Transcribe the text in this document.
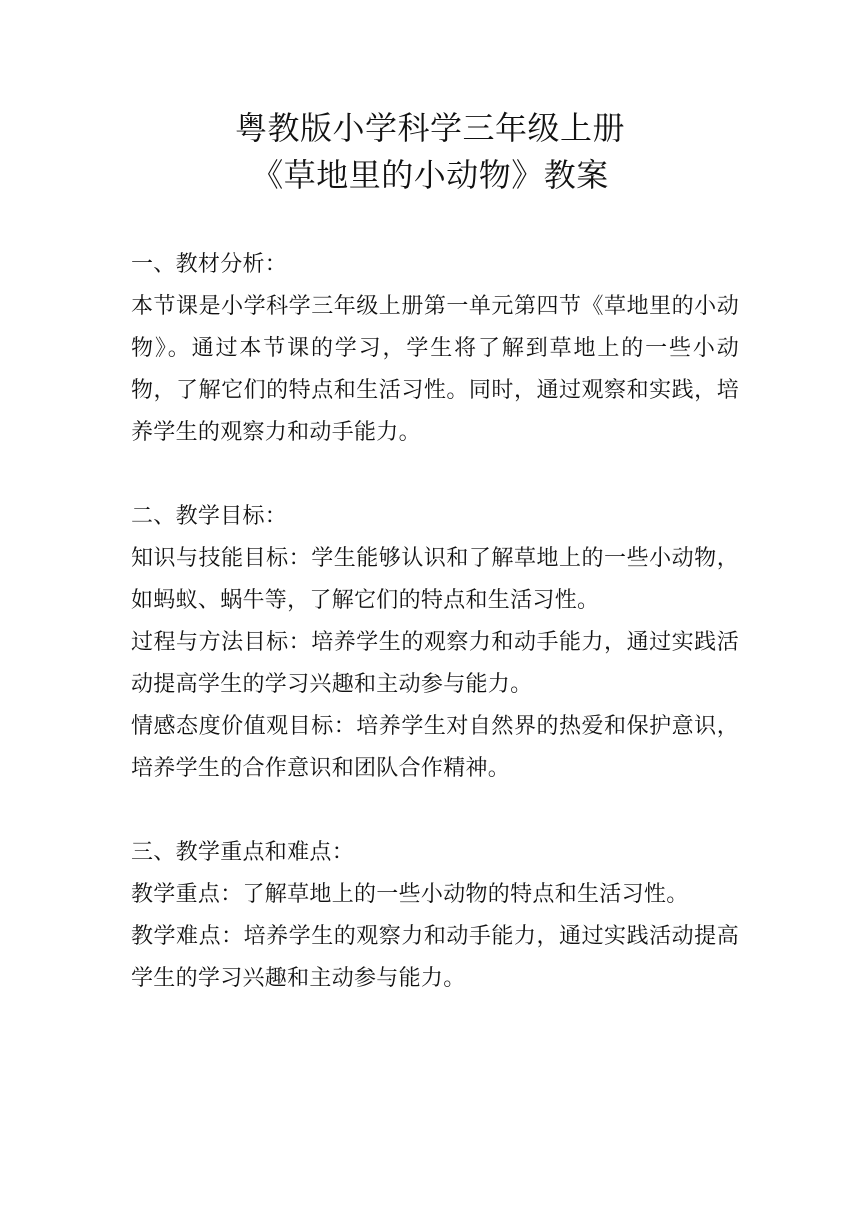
粤教版小学科学三年级上册
《草地里的小动物》教案

一、教材分析：

本节课是小学科学三年级上册第一单元第四节《草地里的小动物》。通过本节课的学习，学生将了解到草地上的一些小动物，了解它们的特点和生活习性。同时，通过观察和实践，培养学生的观察力和动手能力。

二、教学目标：

知识与技能目标：学生能够认识和了解草地上的一些小动物，如蚂蚁、蜗牛等，了解它们的特点和生活习性。

过程与方法目标：培养学生的观察力和动手能力，通过实践活动提高学生的学习兴趣和主动参与能力。

情感态度价值观目标：培养学生对自然界的热爱和保护意识，培养学生的合作意识和团队合作精神。

三、教学重点和难点：

教学重点：了解草地上的一些小动物的特点和生活习性。

教学难点：培养学生的观察力和动手能力，通过实践活动提高学生的学习兴趣和主动参与能力。
